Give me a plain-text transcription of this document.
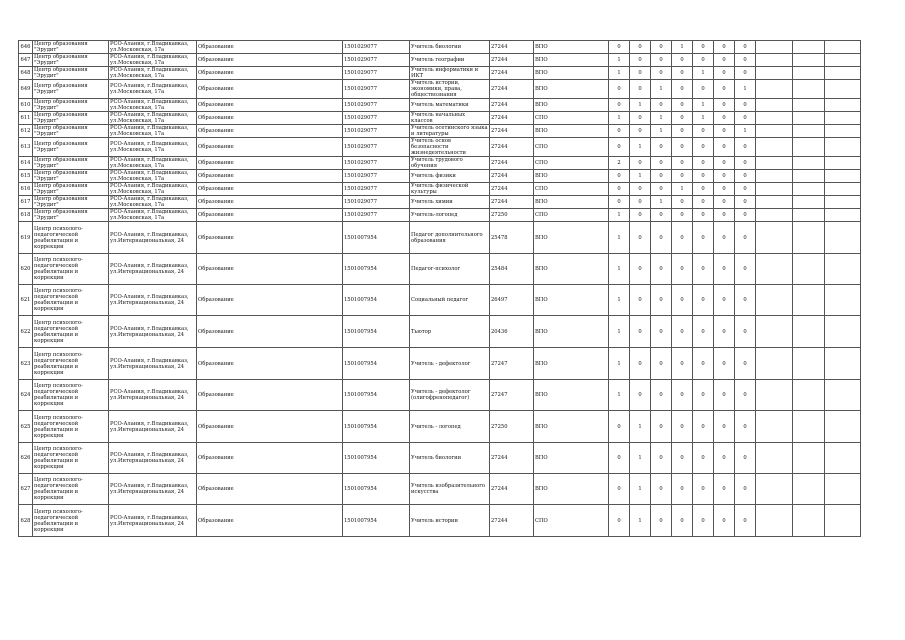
646	Центр образования "Эрудит"	РСО-Алания, г.Владикавказ, ул.Московская, 17а	Образование	1501029077	Учитель биологии	27244	ВПО	0	0	0	1	0	0	0			
647	Центр образования "Эрудит"	РСО-Алания, г.Владикавказ, ул.Московская, 17а	Образование	1501029077	Учитель географии	27244	ВПО	1	0	0	0	0	0	0			
648	Центр образования "Эрудит"	РСО-Алания, г.Владикавказ, ул.Московская, 17а	Образование	1501029077	Учитель информатики и ИКТ	27244	ВПО	1	0	0	0	1	0	0			
649	Центр образования "Эрудит"	РСО-Алания, г.Владикавказ, ул.Московская, 17а	Образование	1501029077	Учитель истории, экономики, права, обществознания	27244	ВПО	0	0	1	0	0	0	1			
610	Центр образования "Эрудит"	РСО-Алания, г.Владикавказ, ул.Московская, 17а	Образование	1501029077	Учитель математики	27244	ВПО	0	1	0	0	1	0	0			
611	Центр образования "Эрудит"	РСО-Алания, г.Владикавказ, ул.Московская, 17а	Образование	1501029077	Учитель начальных классов	27244	СПО	1	0	1	0	1	0	0			
612	Центр образования "Эрудит"	РСО-Алания, г.Владикавказ, ул.Московская, 17а	Образование	1501029077	Учитель осетинского языка и литературы	27244	ВПО	0	0	1	0	0	0	1			
613	Центр образования "Эрудит"	РСО-Алания, г.Владикавказ, ул.Московская, 17а	Образование	1501029077	Учитель основ безопасности жизнедеятельности	27244	СПО	0	1	0	0	0	0	0			
614	Центр образования "Эрудит"	РСО-Алания, г.Владикавказ, ул.Московская, 17а	Образование	1501029077	Учитель трудового обучения	27244	СПО	2	0	0	0	0	0	0			
615	Центр образования "Эрудит"	РСО-Алания, г.Владикавказ, ул.Московская, 17а	Образование	1501029077	Учитель физики	27244	ВПО	0	1	0	0	0	0	0			
616	Центр образования "Эрудит"	РСО-Алания, г.Владикавказ, ул.Московская, 17а	Образование	1501029077	Учитель физической культуры	27244	СПО	0	0	0	1	0	0	0			
617	Центр образования "Эрудит"	РСО-Алания, г.Владикавказ, ул.Московская, 17а	Образование	1501029077	Учитель химии	27244	ВПО	0	0	1	0	0	0	0			
618	Центр образования "Эрудит"	РСО-Алания, г.Владикавказ, ул.Московская, 17а	Образование	1501029077	Учитель-логопед	27250	СПО	1	0	0	0	0	0	0			
619	Центр психолого-педагогической реабилитации и коррекции	РСО-Алания, г.Владикавказ, ул.Интернациональная, 24	Образование	1501007954	Педагог дополнительного образования	25478	ВПО	1	0	0	0	0	0	0			
620	Центр психолого-педагогической реабилитации и коррекции	РСО-Алания, г.Владикавказ, ул.Интернациональная, 24	Образование	1501007954	Педагог-психолог	25484	ВПО	1	0	0	0	0	0	0			
621	Центр психолого-педагогической реабилитации и коррекции	РСО-Алания, г.Владикавказ, ул.Интернациональная, 24	Образование	1501007954	Социальный педагог	26497	ВПО	1	0	0	0	0	0	0			
622	Центр психолого-педагогической реабилитации и коррекции	РСО-Алания, г.Владикавказ, ул.Интернациональная, 24	Образование	1501007954	Тьютор	20436	ВПО	1	0	0	0	0	0	0			
623	Центр психолого-педагогической реабилитации и коррекции	РСО-Алания, г.Владикавказ, ул.Интернациональная, 24	Образование	1501007954	Учитель - дефектолог	27247	ВПО	1	0	0	0	0	0	0			
624	Центр психолого-педагогической реабилитации и коррекции	РСО-Алания, г.Владикавказ, ул.Интернациональная, 24	Образование	1501007954	Учитель - дефектолог (олигофренопедагог)	27247	ВПО	1	0	0	0	0	0	0			
625	Центр психолого-педагогической реабилитации и коррекции	РСО-Алания, г.Владикавказ, ул.Интернациональная, 24	Образование	1501007954	Учитель - логопед	27250	ВПО	0	1	0	0	0	0	0			
626	Центр психолого-педагогической реабилитации и коррекции	РСО-Алания, г.Владикавказ, ул.Интернациональная, 24	Образование	1501007954	Учитель биологии	27244	ВПО	0	1	0	0	0	0	0			
627	Центр психолого-педагогической реабилитации и коррекции	РСО-Алания, г.Владикавказ, ул.Интернациональная, 24	Образование	1501007954	Учитель изобразительного искусства	27244	ВПО	0	1	0	0	0	0	0			
628	Центр психолого-педагогической реабилитации и коррекции	РСО-Алания, г.Владикавказ, ул.Интернациональная, 24	Образование	1501007954	Учитель истории	27244	СПО	0	1	0	0	0	0	0			
